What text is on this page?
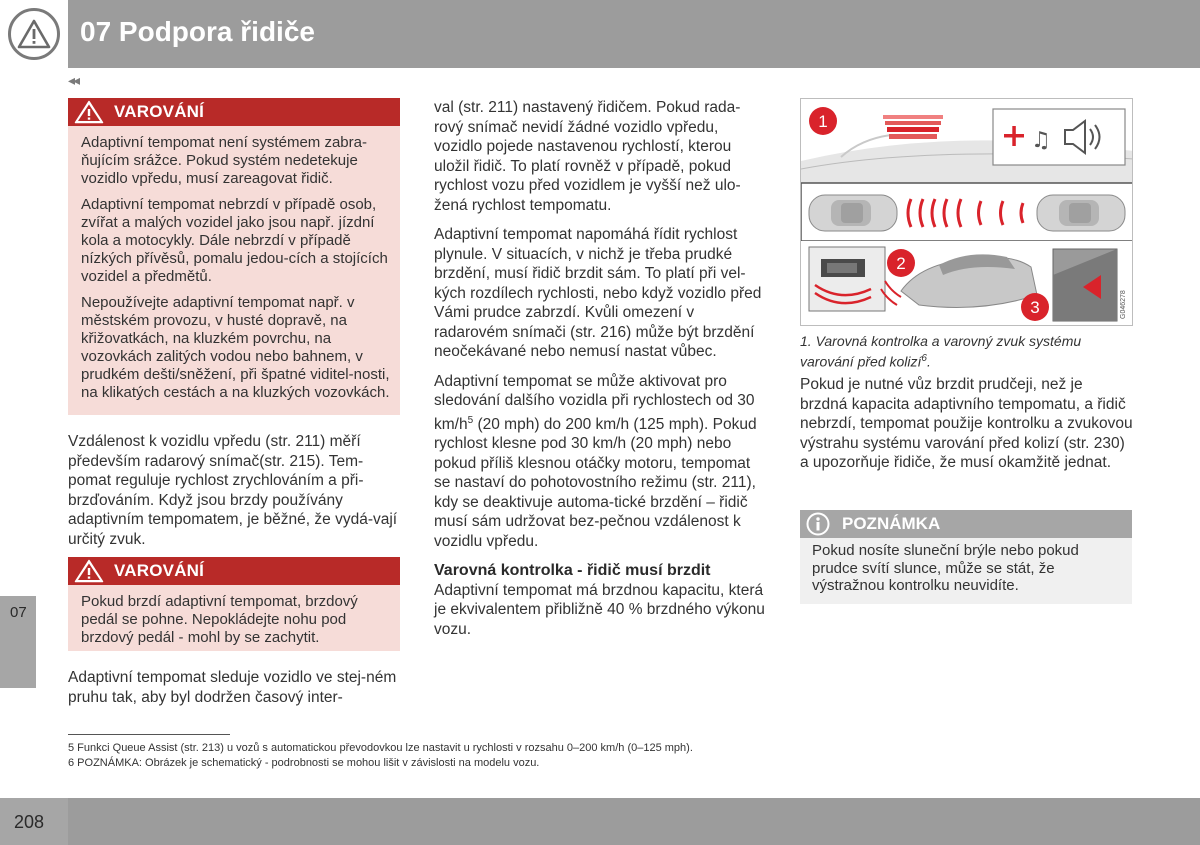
07 Podpora řidiče
07
◂◂
208
VAROVÁNÍ

Adaptivní tempomat není systémem zabra-ňujícím srážce. Pokud systém nedetekuje vozidlo vpředu, musí zareagovat řidič.

Adaptivní tempomat nebrzdí v případě osob, zvířat a malých vozidel jako jsou např. jízdní kola a motocykly. Dále nebrzdí v případě nízkých přívěsů, pomalu jedou-cích a stojících vozidel a předmětů.

Nepoužívejte adaptivní tempomat např. v městském provozu, v husté dopravě, na křižovatkách, na kluzkém povrchu, na vozovkách zalitých vodou nebo bahnem, v prudkém dešti/sněžení, při špatné viditel-nosti, na klikatých cestách a na kluzkých vozovkách.

Vzdálenost k vozidlu vpředu (str. 211) měří především radarový snímač(str. 215). Tem-pomat reguluje rychlost zrychlováním a při-brzďováním. Když jsou brzdy používány adaptivním tempomatem, je běžné, že vydá-vají určitý zvuk.

VAROVÁNÍ

Pokud brzdí adaptivní tempomat, brzdový pedál se pohne. Nepokládejte nohu pod brzdový pedál - mohl by se zachytit.

Adaptivní tempomat sleduje vozidlo ve stej-ném pruhu tak, aby byl dodržen časový inter-

val (str. 211) nastavený řidičem. Pokud rada-rový snímač nevidí žádné vozidlo vpředu, vozidlo pojede nastavenou rychlostí, kterou uložil řidič. To platí rovněž v případě, pokud rychlost vozu před vozidlem je vyšší než ulo-žená rychlost tempomatu.

Adaptivní tempomat napomáhá řídit rychlost plynule. V situacích, v nichž je třeba prudké brzdění, musí řidič brzdit sám. To platí při vel-kých rozdílech rychlosti, nebo když vozidlo před Vámi prudce zabrzdí. Kvůli omezení v radarovém snímači (str. 216) může být brzdění neočekávané nebo nemusí nastat vůbec.

Adaptivní tempomat se může aktivovat pro sledování dalšího vozidla při rychlostech od 30 $km/h^5$ (20 mph) do 200 km/h (125 mph). Pokud rychlost klesne pod 30 km/h (20 mph) nebo pokud příliš klesnou otáčky motoru, tempomat se nastaví do pohotovostního režimu (str. 211), kdy se deaktivuje automa-tické brzdění – řidič musí sám udržovat bez-pečnou vzdálenost k vozidlu vpředu.

Varovná kontrolka - řidič musí brzdit

Adaptivní tempomat má brzdnou kapacitu, která je ekvivalentem přibližně 40 % brzdného výkonu vozu.

♫
1
G046278
2
3
1. Varovná kontrolka a varovný zvuk systému varování před kolizí$^6$.

Pokud je nutné vůz brzdit prudčeji, než je brzdná kapacita adaptivního tempomatu, a řidič nebrzdí, tempomat použije kontrolku a zvukovou výstrahu systému varování před kolizí (str. 230) a upozorňuje řidiče, že musí okamžitě jednat.

POZNÁMKA
Pokud nosíte sluneční brýle nebo pokud prudce svítí slunce, může se stát, že výstražnou kontrolku neuvidíte.
5 Funkci Queue Assist (str. 213) u vozů s automatickou převodovkou lze nastavit u rychlosti v rozsahu 0–200 km/h (0–125 mph).
6 POZNÁMKA: Obrázek je schematický - podrobnosti se mohou lišit v závislosti na modelu vozu.
